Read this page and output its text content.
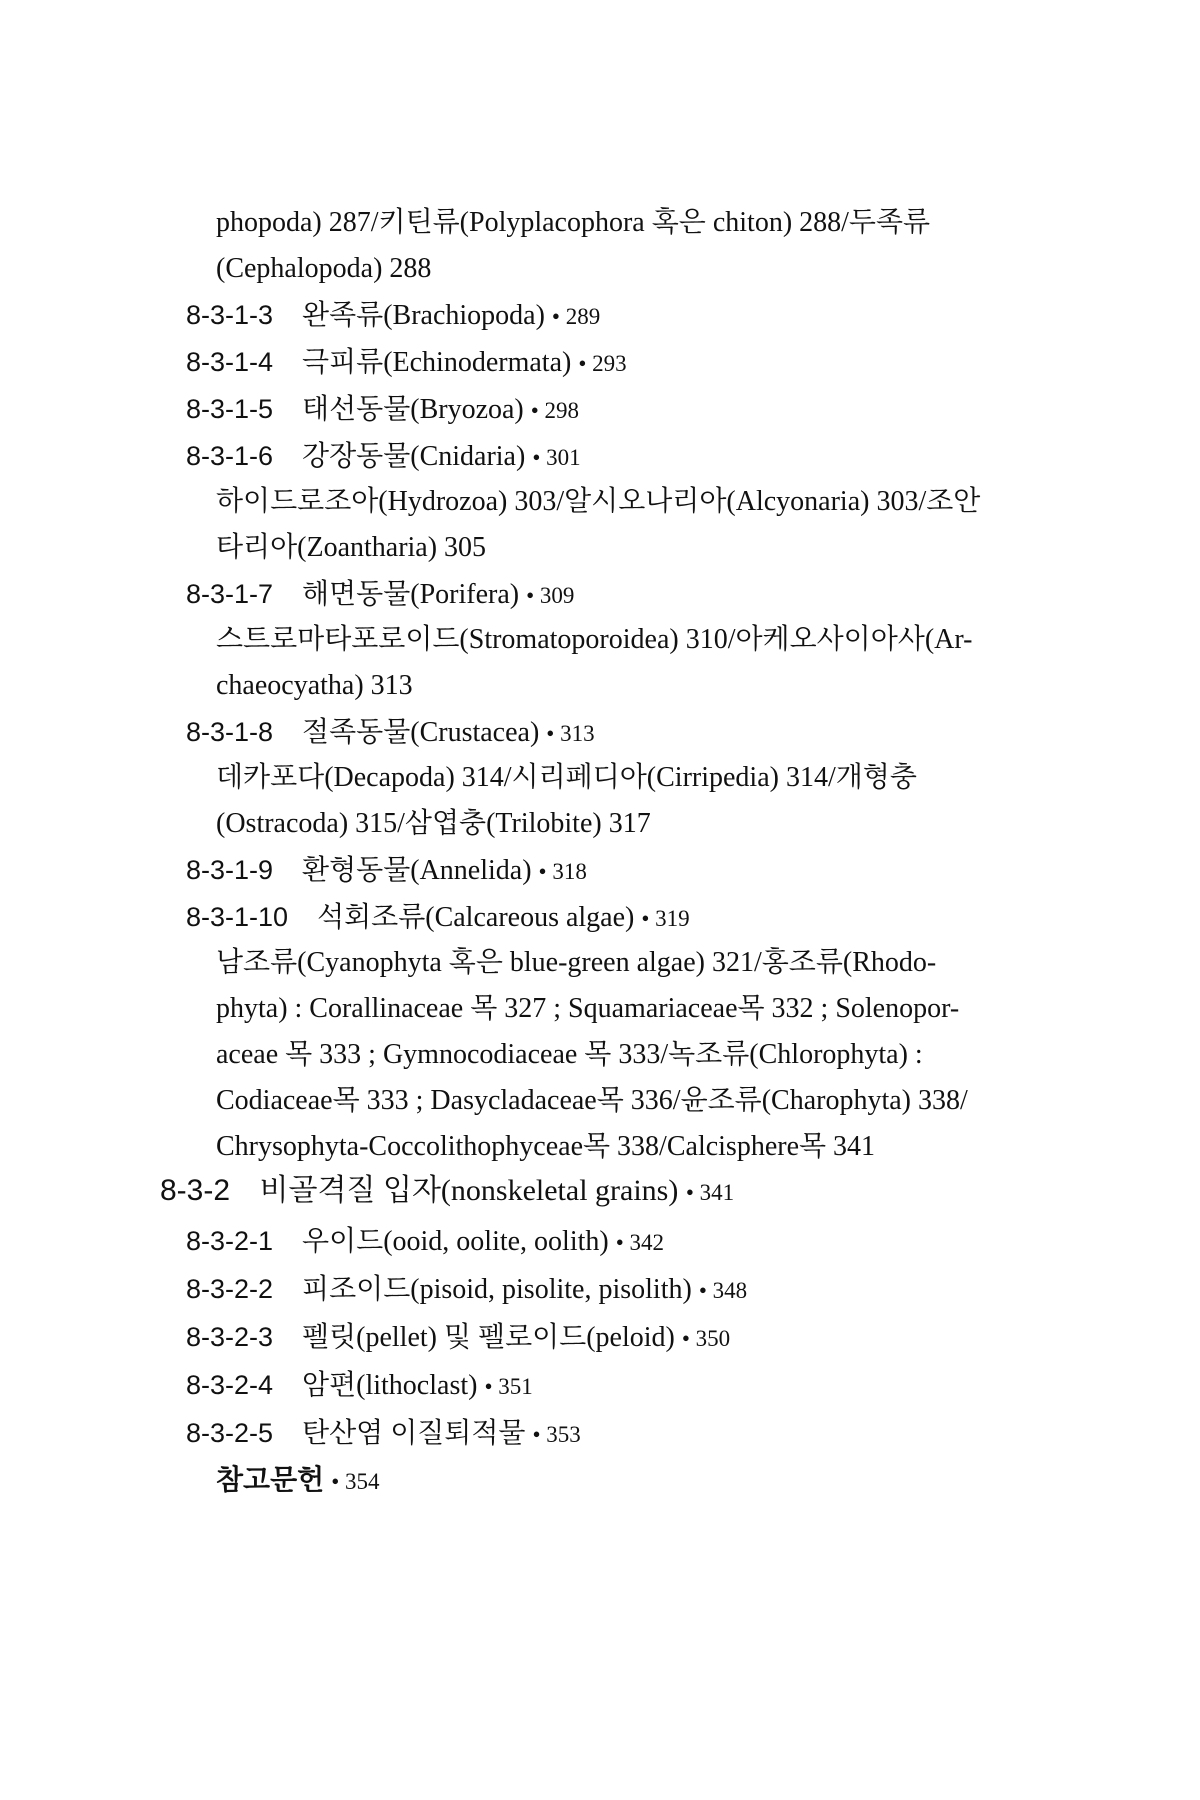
phopoda) 287/키틴류(Polyplacophora 혹은 chiton) 288/두족류
(Cephalopoda) 288
8-3-1-3 완족류(Brachiopoda) • 289
8-3-1-4 극피류(Echinodermata) • 293
8-3-1-5 태선동물(Bryozoa) • 298
8-3-1-6 강장동물(Cnidaria) • 301
하이드로조아(Hydrozoa) 303/알시오나리아(Alcyonaria) 303/조안
타리아(Zoantharia) 305
8-3-1-7 해면동물(Porifera) • 309
스트로마타포로이드(Stromatoporoidea) 310/아케오사이아사(Ar-
chaeocyatha) 313
8-3-1-8 절족동물(Crustacea) • 313
데카포다(Decapoda) 314/시리페디아(Cirripedia) 314/개형충
(Ostracoda) 315/삼엽충(Trilobite) 317
8-3-1-9 환형동물(Annelida) • 318
8-3-1-10 석회조류(Calcareous algae) • 319
남조류(Cyanophyta 혹은 blue-green algae) 321/홍조류(Rhodo-
phyta) : Corallinaceae 목 327 ; Squamariaceae목 332 ; Solenopor-
aceae 목 333 ; Gymnocodiaceae 목 333/녹조류(Chlorophyta) :
Codiaceae목 333 ; Dasycladaceae목 336/윤조류(Charophyta) 338/
Chrysophyta-Coccolithophyceae목 338/Calcisphere목 341
8-3-2 비골격질 입자(nonskeletal grains) • 341
8-3-2-1 우이드(ooid, oolite, oolith) • 342
8-3-2-2 피조이드(pisoid, pisolite, pisolith) • 348
8-3-2-3 펠릿(pellet) 및 펠로이드(peloid) • 350
8-3-2-4 암편(lithoclast) • 351
8-3-2-5 탄산염 이질퇴적물 • 353
참고문헌 • 354
